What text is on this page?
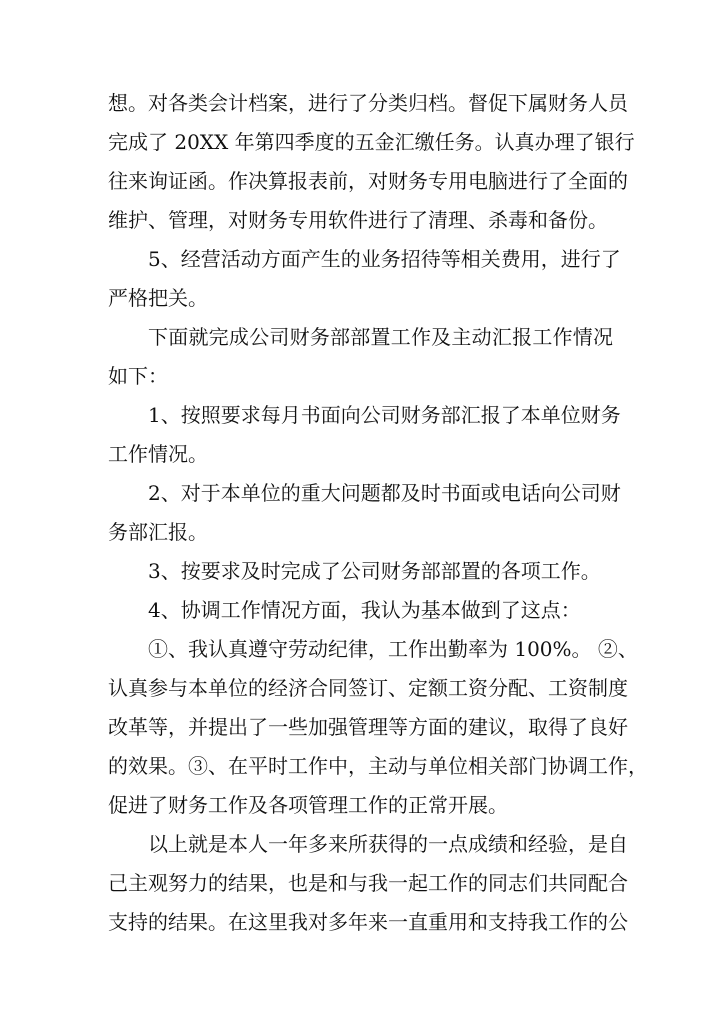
想。对各类会计档案，进行了分类归档。督促下属财务人员
完成了 20XX 年第四季度的五金汇缴任务。认真办理了银行
往来询证函。作决算报表前，对财务专用电脑进行了全面的
维护、管理，对财务专用软件进行了清理、杀毒和备份。
5、经营活动方面产生的业务招待等相关费用，进行了
严格把关。
下面就完成公司财务部部置工作及主动汇报工作情况
如下：
1、按照要求每月书面向公司财务部汇报了本单位财务
工作情况。
2、对于本单位的重大问题都及时书面或电话向公司财
务部汇报。
3、按要求及时完成了公司财务部部置的各项工作。
4、协调工作情况方面，我认为基本做到了这点：
①、我认真遵守劳动纪律，工作出勤率为 100%。 ②、
认真参与本单位的经济合同签订、定额工资分配、工资制度
改革等，并提出了一些加强管理等方面的建议，取得了良好
的效果。③、在平时工作中，主动与单位相关部门协调工作，
促进了财务工作及各项管理工作的正常开展。
以上就是本人一年多来所获得的一点成绩和经验，是自
己主观努力的结果，也是和与我一起工作的同志们共同配合
支持的结果。在这里我对多年来一直重用和支持我工作的公
